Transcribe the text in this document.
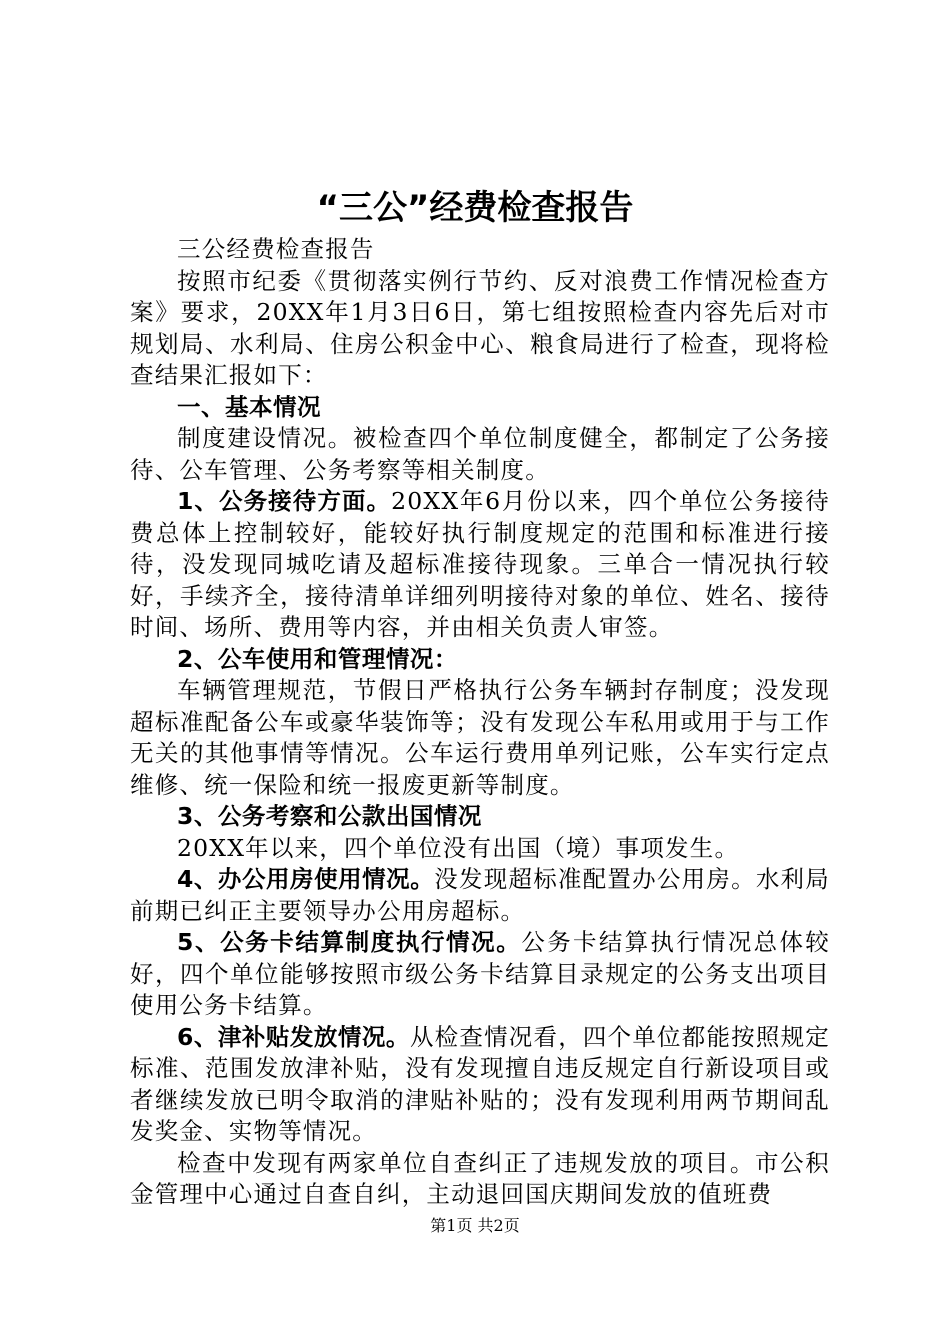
“三公”经费检查报告

三公经费检查报告

按照市纪委《贯彻落实例行节约、反对浪费工作情况检查方案》要求，20XX年1月3日6日，第七组按照检查内容先后对市规划局、水利局、住房公积金中心、粮食局进行了检查，现将检查结果汇报如下：

一、基本情况

制度建设情况。被检查四个单位制度健全，都制定了公务接待、公车管理、公务考察等相关制度。

1、公务接待方面。20XX年6月份以来，四个单位公务接待费总体上控制较好，能较好执行制度规定的范围和标准进行接待，没发现同城吃请及超标准接待现象。三单合一情况执行较好，手续齐全，接待清单详细列明接待对象的单位、姓名、接待时间、场所、费用等内容，并由相关负责人审签。

2、公车使用和管理情况：

车辆管理规范，节假日严格执行公务车辆封存制度；没发现超标准配备公车或豪华装饰等；没有发现公车私用或用于与工作无关的其他事情等情况。公车运行费用单列记账，公车实行定点维修、统一保险和统一报废更新等制度。

3、公务考察和公款出国情况

20XX年以来，四个单位没有出国（境）事项发生。

4、办公用房使用情况。没发现超标准配置办公用房。水利局前期已纠正主要领导办公用房超标。

5、公务卡结算制度执行情况。公务卡结算执行情况总体较好，四个单位能够按照市级公务卡结算目录规定的公务支出项目使用公务卡结算。

6、津补贴发放情况。从检查情况看，四个单位都能按照规定标准、范围发放津补贴，没有发现擅自违反规定自行新设项目或者继续发放已明令取消的津贴补贴的；没有发现利用两节期间乱发奖金、实物等情况。

检查中发现有两家单位自查纠正了违规发放的项目。市公积金管理中心通过自查自纠，主动退回国庆期间发放的值班费

第1页 共2页
